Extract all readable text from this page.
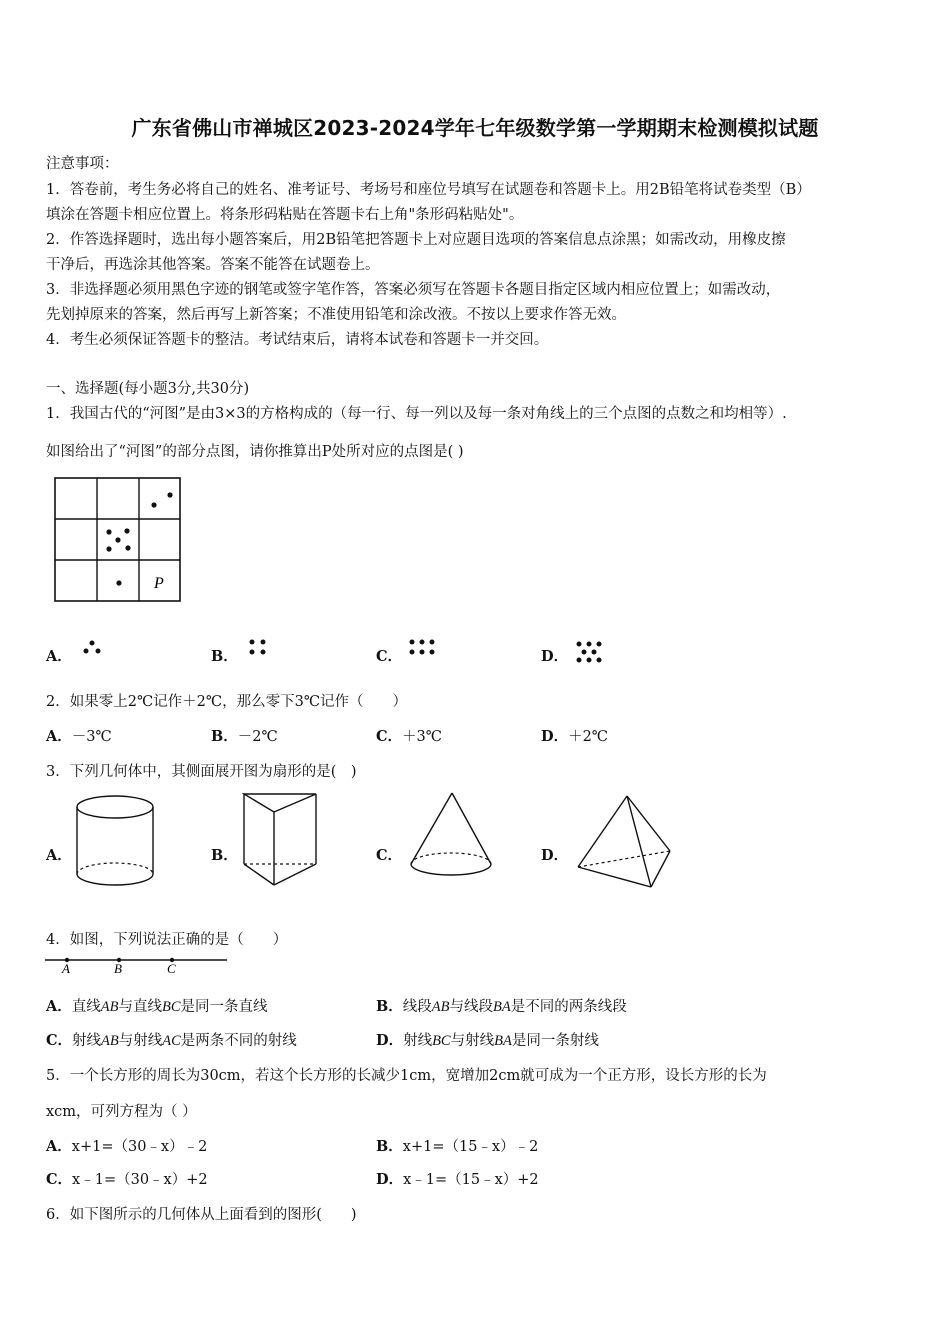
广东省佛山市禅城区2023-2024学年七年级数学第一学期期末检测模拟试题
注意事项：
1．答卷前，考生务必将自己的姓名、准考证号、考场号和座位号填写在试题卷和答题卡上。用2B铅笔将试卷类型（B）
填涂在答题卡相应位置上。将条形码粘贴在答题卡右上角"条形码粘贴处"。
2．作答选择题时，选出每小题答案后，用2B铅笔把答题卡上对应题目选项的答案信息点涂黑；如需改动，用橡皮擦
干净后，再选涂其他答案。答案不能答在试题卷上。
3．非选择题必须用黑色字迹的钢笔或签字笔作答，答案必须写在答题卡各题目指定区域内相应位置上；如需改动，
先划掉原来的答案，然后再写上新答案；不准使用铅笔和涂改液。不按以上要求作答无效。
4．考生必须保证答题卡的整洁。考试结束后，请将本试卷和答题卡一并交回。
一、选择题(每小题3分,共30分)
1．我国古代的“河图”是由3×3的方格构成的（每一行、每一列以及每一条对角线上的三个点图的点数之和均相等）.
如图给出了“河图”的部分点图，请你推算出P处所对应的点图是( )
P
A．	B．	C．	D．
2．如果零上2℃记作＋2℃，那么零下3℃记作（　　）
A．－3℃	B．－2℃	C．＋3℃	D．＋2℃
3．下列几何体中，其侧面展开图为扇形的是(　)
A．	B．	C．	D．
4．如图，下列说法正确的是（　　）
A	B	C
A．直线AB与直线BC是同一条直线	B．线段AB与线段BA是不同的两条线段
C．射线AB与射线AC是两条不同的射线	D．射线BC与射线BA是同一条射线
5．一个长方形的周长为30cm，若这个长方形的长减少1cm，宽增加2cm就可成为一个正方形，设长方形的长为
xcm，可列方程为（ ）
A．x+1=（30﹣x）﹣2	B．x+1=（15﹣x）﹣2
C．x﹣1=（30﹣x）+2	D．x﹣1=（15﹣x）+2
6．如下图所示的几何体从上面看到的图形(　　)
